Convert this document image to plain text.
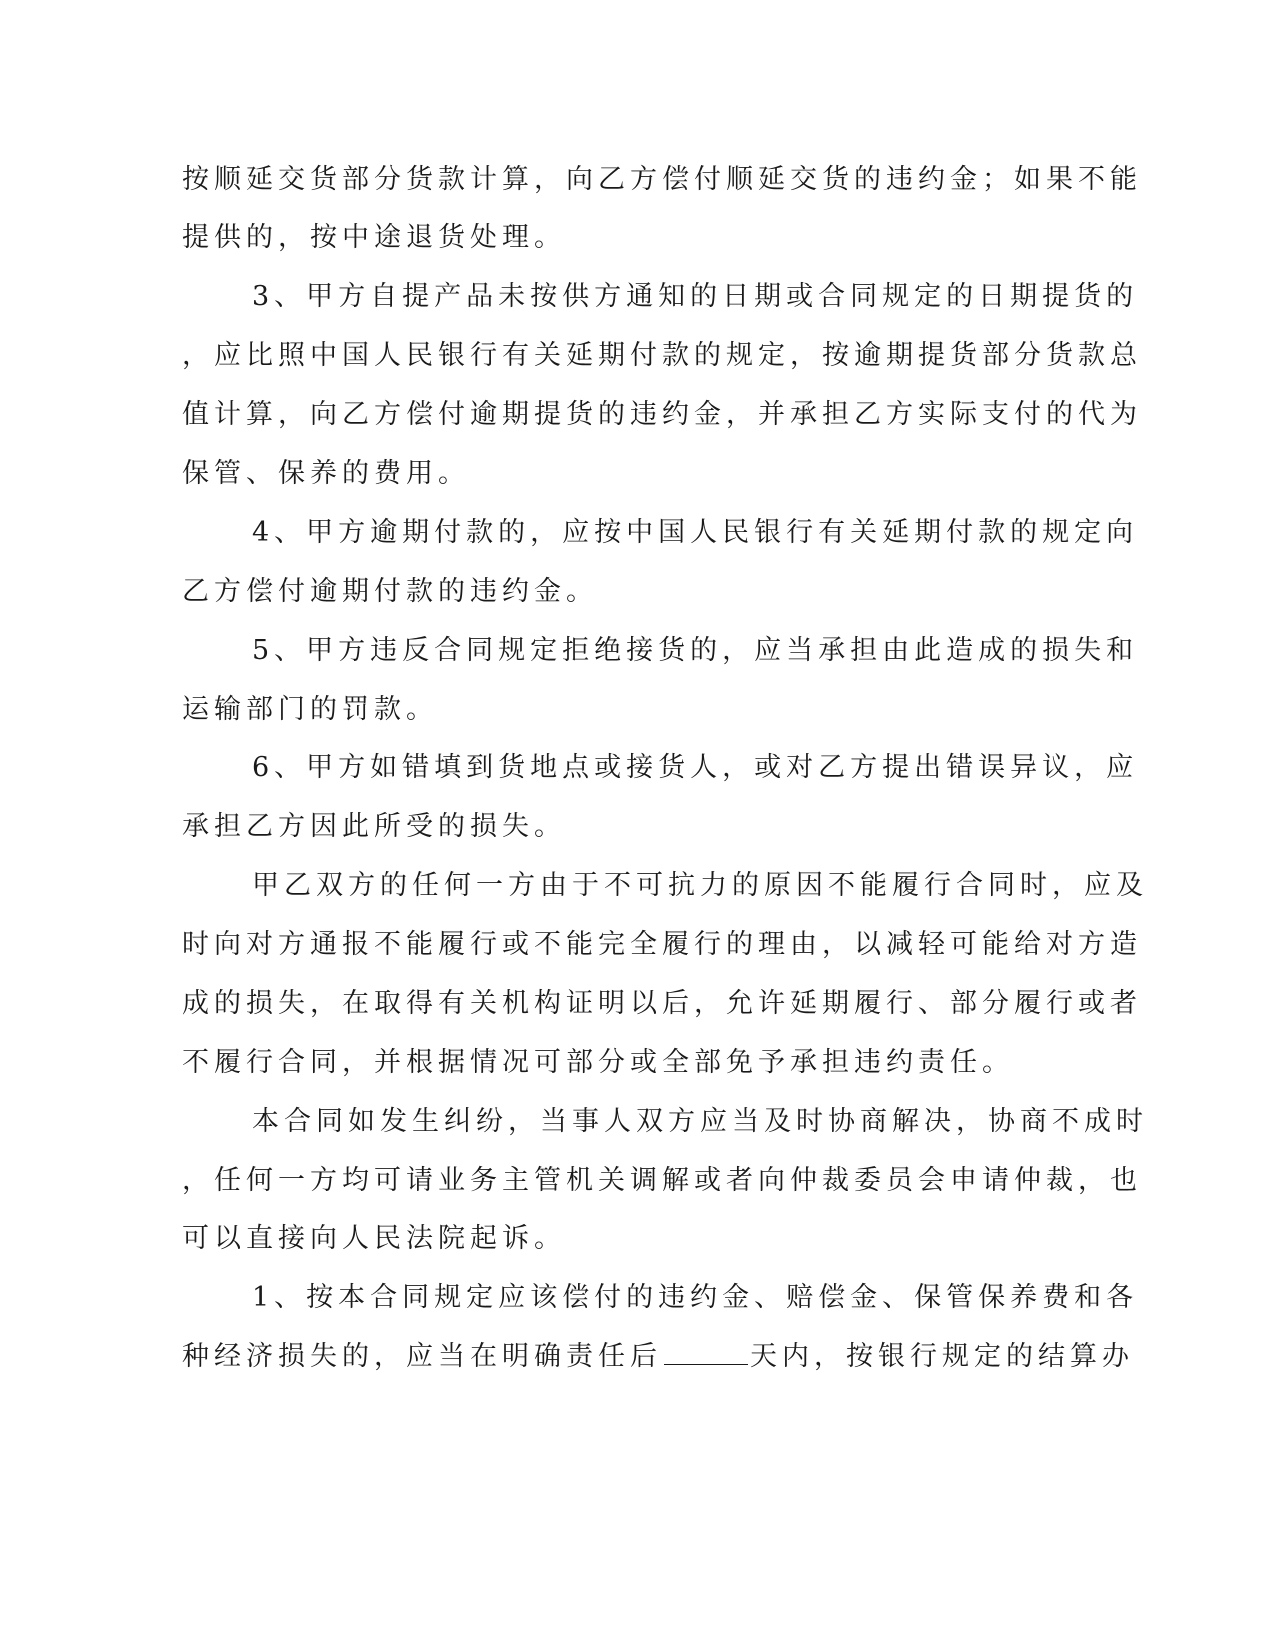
按顺延交货部分货款计算，向乙方偿付顺延交货的违约金；如果不能
提供的，按中途退货处理。
3、甲方自提产品未按供方通知的日期或合同规定的日期提货的
，应比照中国人民银行有关延期付款的规定，按逾期提货部分货款总
值计算，向乙方偿付逾期提货的违约金，并承担乙方实际支付的代为
保管、保养的费用。
4、甲方逾期付款的，应按中国人民银行有关延期付款的规定向
乙方偿付逾期付款的违约金。
5、甲方违反合同规定拒绝接货的，应当承担由此造成的损失和
运输部门的罚款。
6、甲方如错填到货地点或接货人，或对乙方提出错误异议，应
承担乙方因此所受的损失。
甲乙双方的任何一方由于不可抗力的原因不能履行合同时，应及
时向对方通报不能履行或不能完全履行的理由，以减轻可能给对方造
成的损失，在取得有关机构证明以后，允许延期履行、部分履行或者
不履行合同，并根据情况可部分或全部免予承担违约责任。
本合同如发生纠纷，当事人双方应当及时协商解决，协商不成时
，任何一方均可请业务主管机关调解或者向仲裁委员会申请仲裁，也
可以直接向人民法院起诉。
1、按本合同规定应该偿付的违约金、赔偿金、保管保养费和各
种经济损失的，应当在明确责任后	天内，按银行规定的结算办
